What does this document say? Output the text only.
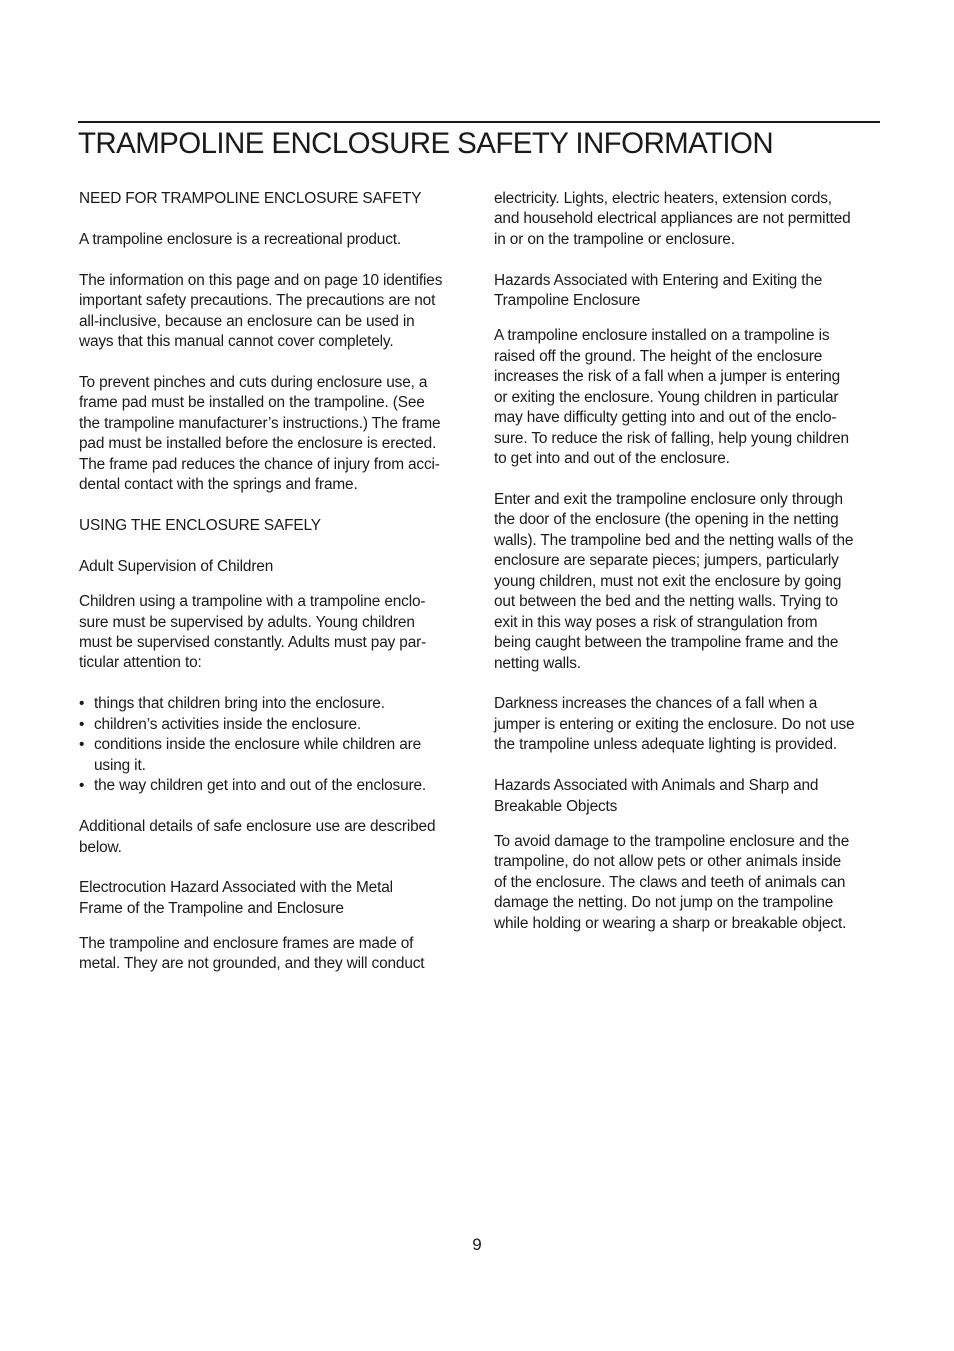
TRAMPOLINE ENCLOSURE SAFETY INFORMATION

NEED FOR TRAMPOLINE ENCLOSURE SAFETY

A trampoline enclosure is a recreational product.

The information on this page and on page 10 identifies

important safety precautions. The precautions are not

all-inclusive, because an enclosure can be used in

ways that this manual cannot cover completely.

To prevent pinches and cuts during enclosure use, a

frame pad must be installed on the trampoline. (See

the trampoline manufacturer’s instructions.) The frame

pad must be installed before the enclosure is erected.

The frame pad reduces the chance of injury from acci-

dental contact with the springs and frame.

USING THE ENCLOSURE SAFELY

Adult Supervision of Children

Children using a trampoline with a trampoline enclo-

sure must be supervised by adults. Young children

must be supervised constantly. Adults must pay par-

ticular attention to:

• things that children bring into the enclosure.
• children’s activities inside the enclosure.

• conditions inside the enclosure while children are

using it.

• the way children get into and out of the enclosure.

Additional details of safe enclosure use are described

below.

Electrocution Hazard Associated with the Metal

Frame of the Trampoline and Enclosure

The trampoline and enclosure frames are made of

metal. They are not grounded, and they will conduct

electricity. Lights, electric heaters, extension cords,

and household electrical appliances are not permitted

in or on the trampoline or enclosure.

Hazards Associated with Entering and Exiting the

Trampoline Enclosure

A trampoline enclosure installed on a trampoline is

raised off the ground. The height of the enclosure

increases the risk of a fall when a jumper is entering

or exiting the enclosure. Young children in particular

may have difficulty getting into and out of the enclo-

sure. To reduce the risk of falling, help young children

to get into and out of the enclosure.

Enter and exit the trampoline enclosure only through

the door of the enclosure (the opening in the netting

walls). The trampoline bed and the netting walls of the

enclosure are separate pieces; jumpers, particularly

young children, must not exit the enclosure by going

out between the bed and the netting walls. Trying to

exit in this way poses a risk of strangulation from

being caught between the trampoline frame and the

netting walls.

Darkness increases the chances of a fall when a

jumper is entering or exiting the enclosure. Do not use

the trampoline unless adequate lighting is provided.

Hazards Associated with Animals and Sharp and

Breakable Objects

To avoid damage to the trampoline enclosure and the

trampoline, do not allow pets or other animals inside

of the enclosure. The claws and teeth of animals can

damage the netting. Do not jump on the trampoline

while holding or wearing a sharp or breakable object.

9
